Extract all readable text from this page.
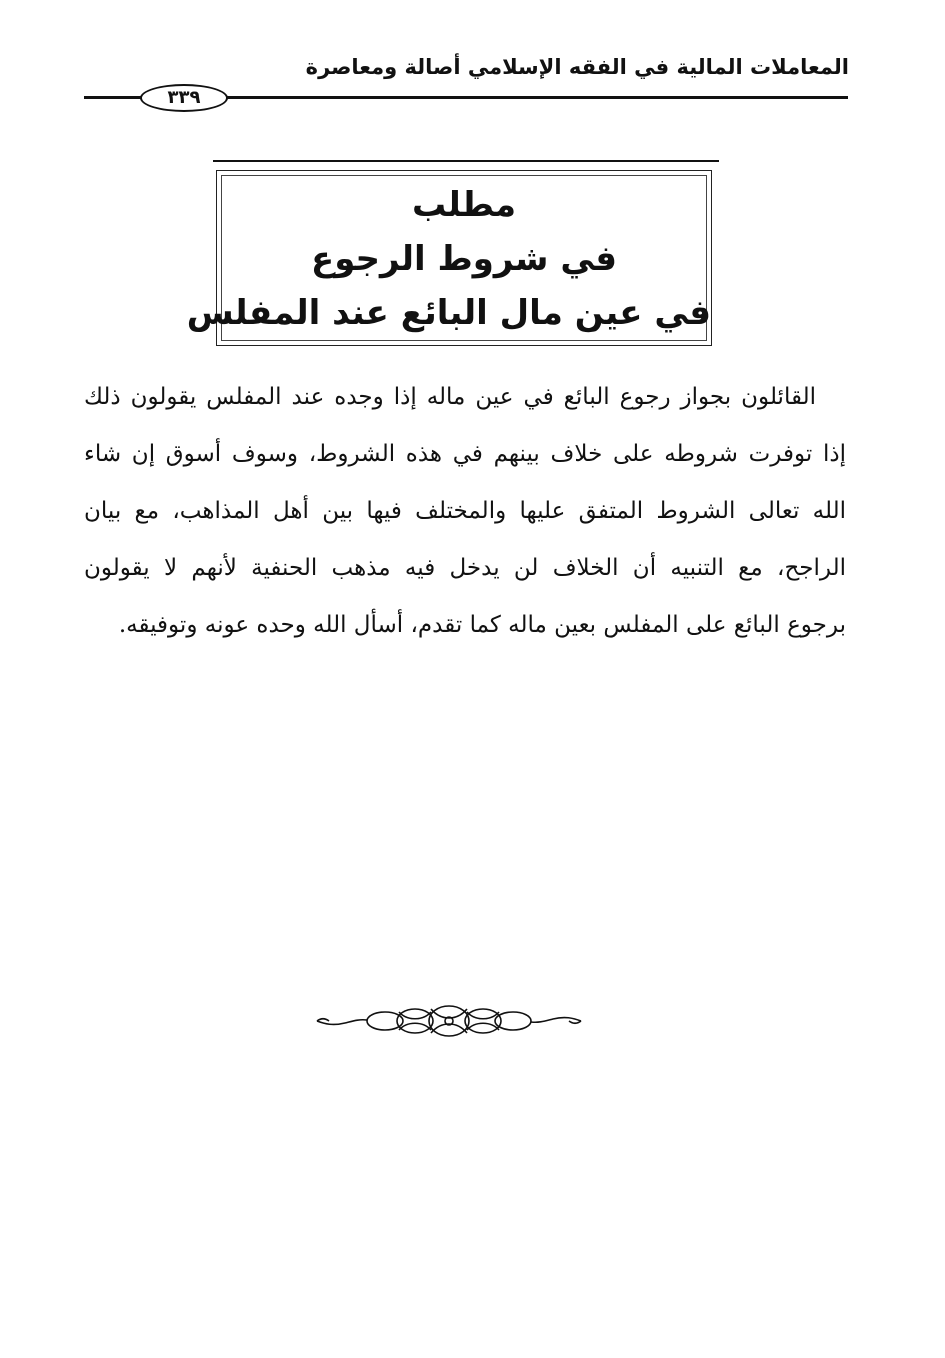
المعاملات المالية في الفقه الإسلامي أصالة ومعاصرة
٣٣٩
مطلب
في شروط الرجوع
في عين مال البائع عند المفلس
القائلون بجواز رجوع البائع في عين ماله إذا وجده عند المفلس يقولون ذلك
إذا توفرت شروطه على خلاف بينهم في هذه الشروط، وسوف أسوق إن شاء
الله تعالى الشروط المتفق عليها والمختلف فيها بين أهل المذاهب، مع بيان
الراجح، مع التنبيه أن الخلاف لن يدخل فيه مذهب الحنفية لأنهم لا يقولون
برجوع البائع على المفلس بعين ماله كما تقدم، أسأل الله وحده عونه وتوفيقه.
